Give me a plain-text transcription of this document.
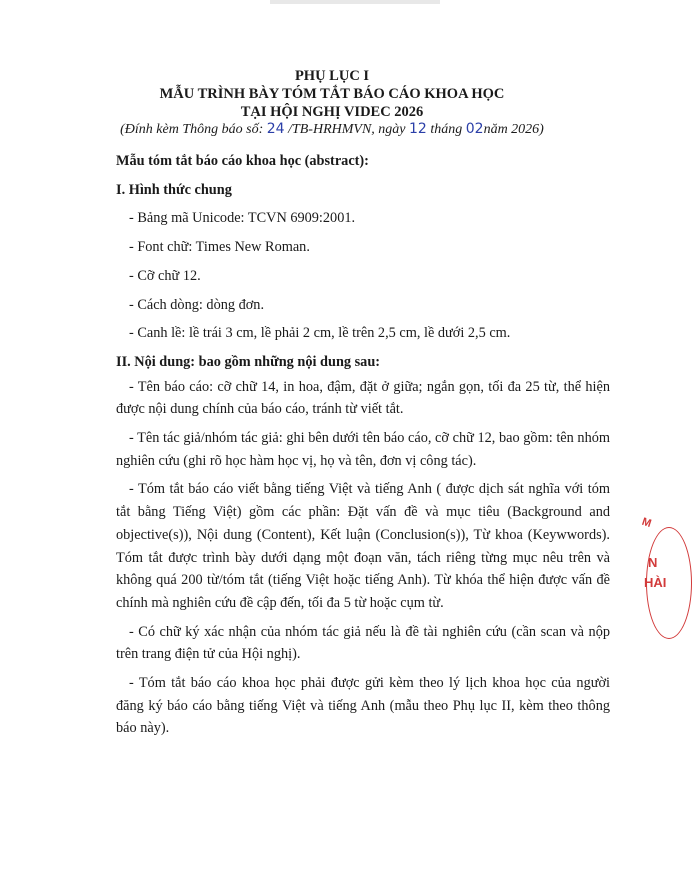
PHỤ LỤC I
MẪU TRÌNH BÀY TÓM TẮT BÁO CÁO KHOA HỌC
TẠI HỘI NGHỊ VIDEC 2026
(Đính kèm Thông báo số: 24 /TB-HRHMVN, ngày 12 tháng 02năm 2026)
Mẫu tóm tắt báo cáo khoa học (abstract):
I. Hình thức chung
- Bảng mã Unicode: TCVN 6909:2001.
- Font chữ: Times New Roman.
- Cỡ chữ 12.
- Cách dòng: dòng đơn.
- Canh lề: lề trái 3 cm, lề phải 2 cm, lề trên 2,5 cm, lề dưới 2,5 cm.
II. Nội dung: bao gồm những nội dung sau:
- Tên báo cáo: cỡ chữ 14, in hoa, đậm, đặt ở giữa; ngắn gọn, tối đa 25 từ, thể hiện được nội dung chính của báo cáo, tránh từ viết tắt.
- Tên tác giả/nhóm tác giả: ghi bên dưới tên báo cáo, cỡ chữ 12, bao gồm: tên nhóm nghiên cứu (ghi rõ học hàm học vị, họ và tên, đơn vị công tác).
- Tóm tắt báo cáo viết bằng tiếng Việt và tiếng Anh ( được dịch sát nghĩa với tóm tắt bằng Tiếng Việt) gồm các phần: Đặt vấn đề và mục tiêu (Background and objective(s)), Nội dung (Content), Kết luận (Conclusion(s)), Từ khoa (Keywwords). Tóm tắt được trình bày dưới dạng một đoạn văn, tách riêng từng mục nêu trên và không quá 200 từ/tóm tắt (tiếng Việt hoặc tiếng Anh). Từ khóa thể hiện được vấn đề chính mà nghiên cứu đề cập đến, tối đa 5 từ hoặc cụm từ.
- Có chữ ký xác nhận của nhóm tác giả nếu là đề tài nghiên cứu (cần scan và nộp trên trang điện tử của Hội nghị).
- Tóm tắt báo cáo khoa học phải được gửi kèm theo lý lịch khoa học của người đăng ký báo cáo bằng tiếng Việt và tiếng Anh (mẫu theo Phụ lục II, kèm theo thông báo này).
M
N
HÀI
